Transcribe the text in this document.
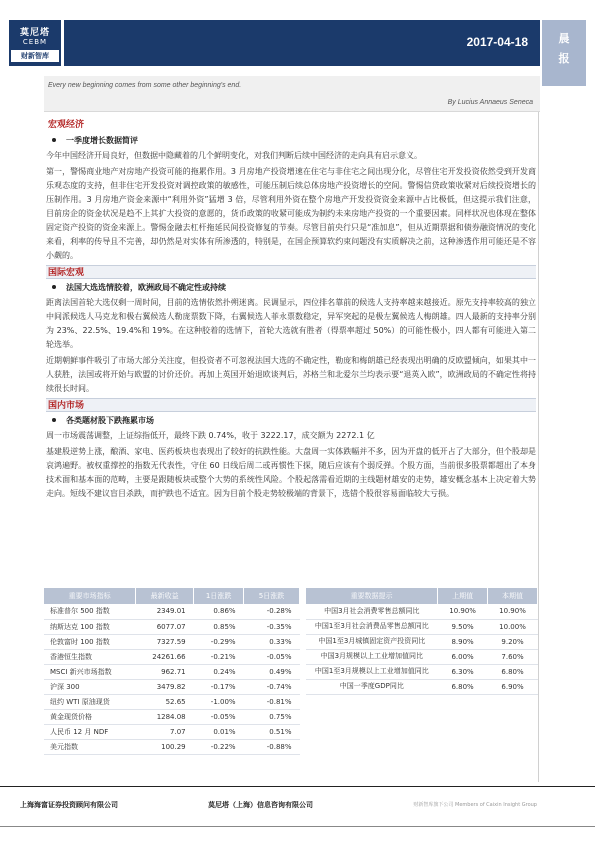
莫尼塔
CEBM
财新智库
2017-04-18	晨
报
Every new beginning comes from some other beginning's end.
By Lucius Annaeus Seneca
宏观经济
一季度增长数据简评
今年中国经济开局良好，但数据中隐藏着的几个鲜明变化，对我们判断后续中国经济的走向具有启示意义。
第一，警惕商业地产对房地产投资可能的拖累作用。3 月房地产投资增速在住宅与非住宅之间出现分化，尽管住宅开发投资依然受到开发商乐观态度的支持，但非住宅开发投资对调控政策的敏感性，可能压制后续总体房地产投资增长的空间。警惕信贷政策收紧对后续投资增长的压制作用。3 月房地产资金来源中“利用外资”猛增 3 倍，尽管利用外资在整个房地产开发投资资金来源中占比极低，但这提示我们注意，目前房企的资金状况是趋不上其扩大投资的意愿的，货币政策的收紧可能成为制约未来房地产投资的一个重要因素。同样状况也体现在整体固定资产投资的资金来源上。警惕金融去杠杆拖延民间投资修复的节奏。尽管目前央行只是“准加息”，但从近期票据和债券融资情况的变化来看，利率的传导且不完善，却仍然是对实体有所渗透的，特别是，在国企预算软约束问题没有实质解决之前，这种渗透作用可能还是不容小觑的。
国际宏观
法国大选选情胶着，欧洲政局不确定性或持续
距离法国首轮大选仅剩一周时间，目前的选情依然扑朔迷离。民调显示，四位排名靠前的候选人支持率越来越接近。原先支持率较高的独立中间派候选人马克龙和极右翼候选人勒庞票数下降，右翼候选人菲永票数稳定，异军突起的是极左翼候选人梅朗雄。四人最新的支持率分别为 23%、22.5%、19.4%和 19%。在这种胶着的选情下，首轮大选就有胜者（得票率超过 50%）的可能性极小，四人都有可能进入第二轮选举。
近期朝鲜事件吸引了市场大部分关注度，但投资者不可忽视法国大选的不确定性，勒庞和梅朗雄已经表现出明确的反欧盟倾向，如果其中一人获胜，法国或将开始与欧盟的讨价还价。再加上英国开始退欧谈判后，苏格兰和北爱尔兰均表示要“退英入欧”，欧洲政局的不确定性将持续很长时间。
国内市场
各类题材股下跌拖累市场
周一市场震荡调整，上证综指低开，最终下跌 0.74%，收于 3222.17，成交额为 2272.1 亿
基建股逆势上涨，酿酒、家电、医药板块也表现出了较好的抗跌性能。大盘周一实体跌幅并不多，因为开盘的低开占了大部分，但个股却是哀鸿遍野。被权重撑控的指数无代表性，守住 60 日线后周二或再惯性下探，随后应该有个弱反弹。个股方面，当前很多股票都超出了本身技术面和基本面的范畴，主要是跟随板块或整个大势的系统性风险。个股起落需看近期的主线题材雄安的走势，雄安概念基本上决定着大势走向。短线不建议盲目杀跌，而护跌也不适宜。因为目前个股走势较极端的背景下，选错个股很容易面临较大亏损。
重要市场指标	最新收益	1日涨跌	5日涨跌
标准普尔 500 指数	2349.01	0.86%	-0.28%
纳斯达克 100 指数	6077.07	0.85%	-0.35%
伦敦富时 100 指数	7327.59	-0.29%	0.33%
香港恒生指数	24261.66	-0.21%	-0.05%
MSCI 新兴市场指数	962.71	0.24%	0.49%
沪深 300	3479.82	-0.17%	-0.74%
纽约 WTI 原油现货	52.65	-1.00%	-0.81%
黄金现货价格	1284.08	-0.05%	0.75%
人民币 12 月 NDF	7.07	0.01%	0.51%
美元指数	100.29	-0.22%	-0.88%
重要数据提示	上期值	本期值
中国3月社会消费零售总额同比	10.90%	10.90%
中国1至3月社会消费品零售总额同比	9.50%	10.00%
中国1至3月城镇固定资产投资同比	8.90%	9.20%
中国3月规模以上工业增加值同比	6.00%	7.60%
中国1至3月规模以上工业增加值同比	6.30%	6.80%
中国一季度GDP同比	6.80%	6.90%
上海海富证券投资顾问有限公司	莫尼塔（上海）信息咨询有限公司	财新智库旗下公司 Members of Caixin Insight Group
